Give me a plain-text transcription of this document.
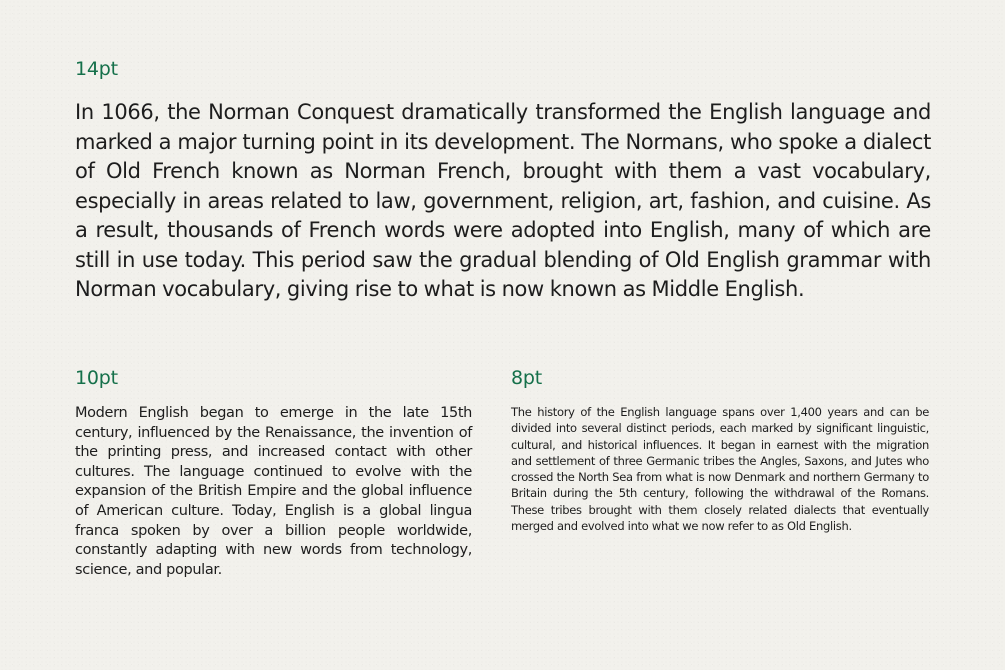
14pt

In 1066, the Norman Conquest dramatically transformed the English language and marked a major turning point in its development. The Normans, who spoke a dialect of Old French known as Norman French, brought with them a vast vocabulary, especially in areas related to law, government, religion, art, fashion, and cuisine. As a result, thousands of French words were adopted into English, many of which are still in use today. This period saw the gradual blending of Old English grammar with Norman vocabulary, giving rise to what is now known as Middle English.

10pt

Modern English began to emerge in the late 15th century, influenced by the Renaissance, the invention of the printing press, and increased contact with other cultures. The language continued to evolve with the expansion of the British Empire and the global influence of American culture. Today, English is a global lingua franca spoken by over a billion people worldwide, constantly adapting with new words from technology, science, and popular.

8pt

The history of the English language spans over 1,400 years and can be divided into several distinct periods, each marked by significant linguistic, cultural, and historical influences. It began in earnest with the migration and settlement of three Germanic tribes the Angles, Saxons, and Jutes who crossed the North Sea from what is now Denmark and northern Germany to Britain during the 5th century, following the withdrawal of the Romans. These tribes brought with them closely related dialects that eventually merged and evolved into what we now refer to as Old English.
